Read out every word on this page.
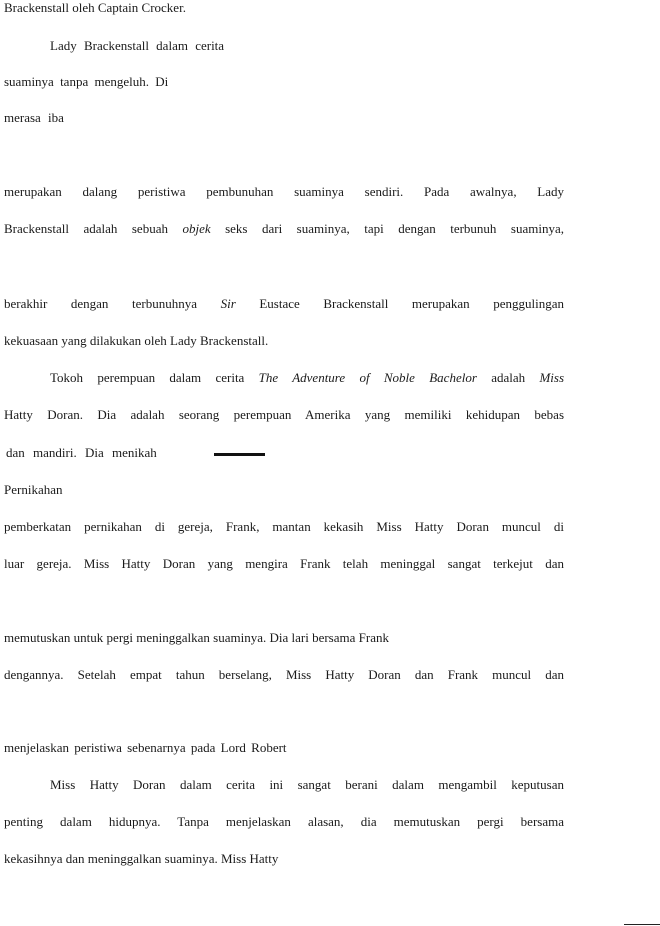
Brackenstall oleh Captain Crocker.
Lady Brackenstall dalam cerita
suaminya tanpa mengeluh. Di
merasa iba
merupakan dalang peristiwa pembunuhan suaminya sendiri. Pada awalnya, Lady
Brackenstall adalah sebuah objek seks dari suaminya, tapi dengan terbunuh suaminya,
berakhir dengan terbunuhnya Sir Eustace Brackenstall merupakan penggulingan
kekuasaan yang dilakukan oleh Lady Brackenstall.
Tokoh perempuan dalam cerita The Adventure of Noble Bachelor adalah Miss
Hatty Doran. Dia adalah seorang perempuan Amerika yang memiliki kehidupan bebas
dan mandiri. Dia menikah
Pernikahan
pemberkatan pernikahan di gereja, Frank, mantan kekasih Miss Hatty Doran muncul di
luar gereja. Miss Hatty Doran yang mengira Frank telah meninggal sangat terkejut dan
memutuskan untuk pergi meninggalkan suaminya. Dia lari bersama Frank
dengannya. Setelah empat tahun berselang, Miss Hatty Doran dan Frank muncul dan
menjelaskan peristiwa sebenarnya pada Lord Robert
Miss Hatty Doran dalam cerita ini sangat berani dalam mengambil keputusan
penting dalam hidupnya. Tanpa menjelaskan alasan, dia memutuskan pergi bersama
kekasihnya dan meninggalkan suaminya. Miss Hatty
